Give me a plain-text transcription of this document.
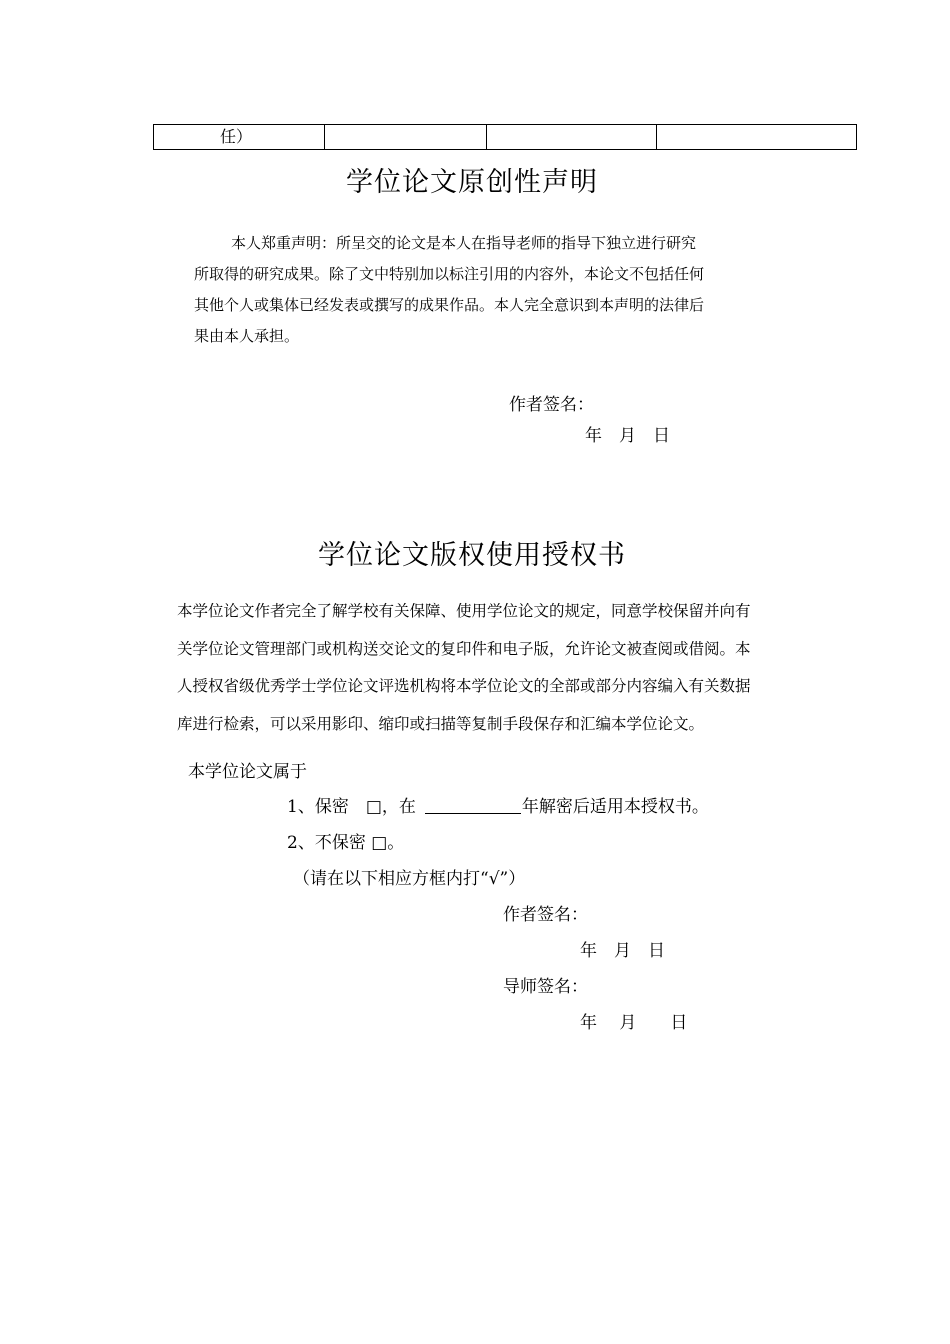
任）			
学位论文原创性声明

本人郑重声明：所呈交的论文是本人在指导老师的指导下独立进行研究

所取得的研究成果。除了文中特别加以标注引用的内容外，本论文不包括任何

其他个人或集体已经发表或撰写的成果作品。本人完全意识到本声明的法律后

果由本人承担。

作者签名：
年　月　日
学位论文版权使用授权书

本学位论文作者完全了解学校有关保障、使用学位论文的规定，同意学校保留并向有

关学位论文管理部门或机构送交论文的复印件和电子版，允许论文被查阅或借阅。本

人授权省级优秀学士学位论文评选机构将本学位论文的全部或部分内容编入有关数据

库进行检索，可以采用影印、缩印或扫描等复制手段保存和汇编本学位论文。

本学位论文属于
1、保密　□，在	年解密后适用本授权书。
2、不保密 □。
（请在以下相应方框内打“√”）
作者签名：
年　月　日
导师签名：
年　 月　　日
